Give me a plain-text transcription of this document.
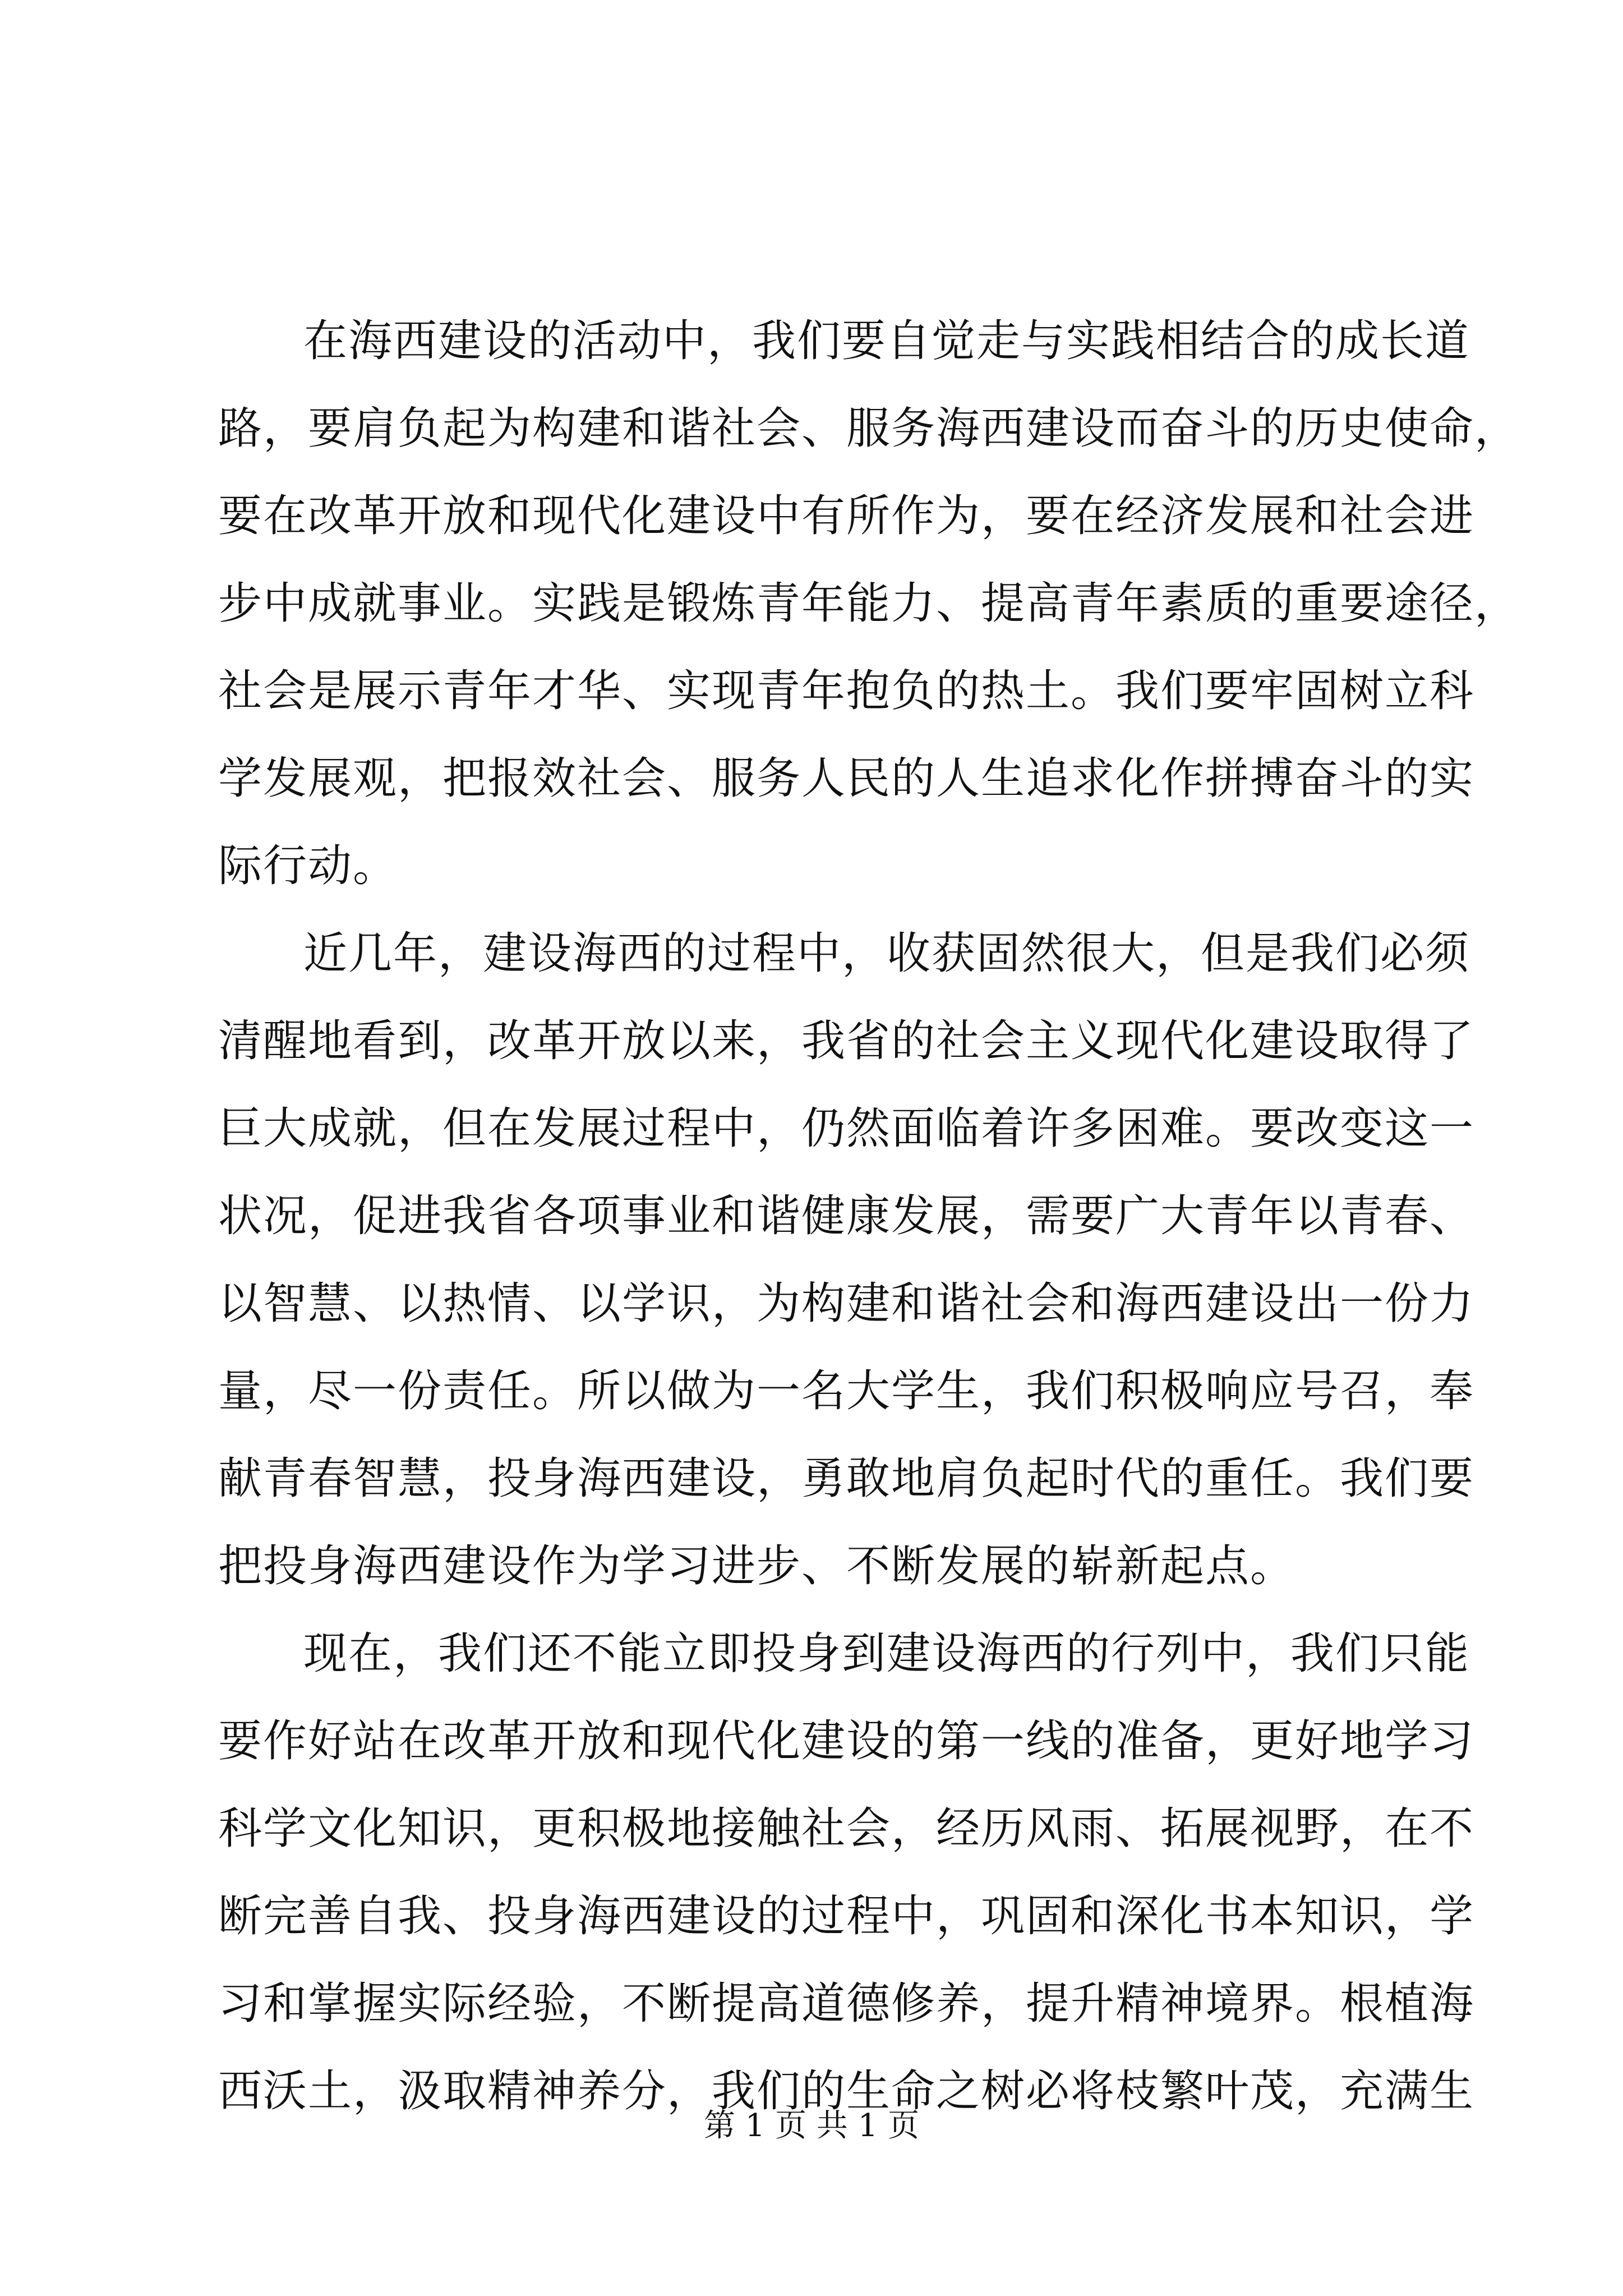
在海西建设的活动中，我们要自觉走与实践相结合的成长道
路，要肩负起为构建和谐社会、服务海西建设而奋斗的历史使命，
要在改革开放和现代化建设中有所作为，要在经济发展和社会进
步中成就事业。实践是锻炼青年能力、提高青年素质的重要途径，
社会是展示青年才华、实现青年抱负的热土。我们要牢固树立科
学发展观，把报效社会、服务人民的人生追求化作拼搏奋斗的实
际行动。
近几年，建设海西的过程中，收获固然很大，但是我们必须
清醒地看到，改革开放以来，我省的社会主义现代化建设取得了
巨大成就，但在发展过程中，仍然面临着许多困难。要改变这一
状况，促进我省各项事业和谐健康发展，需要广大青年以青春、
以智慧、以热情、以学识，为构建和谐社会和海西建设出一份力
量，尽一份责任。所以做为一名大学生，我们积极响应号召，奉
献青春智慧，投身海西建设，勇敢地肩负起时代的重任。我们要
把投身海西建设作为学习进步、不断发展的崭新起点。
现在，我们还不能立即投身到建设海西的行列中，我们只能
要作好站在改革开放和现代化建设的第一线的准备，更好地学习
科学文化知识，更积极地接触社会，经历风雨、拓展视野，在不
断完善自我、投身海西建设的过程中，巩固和深化书本知识，学
习和掌握实际经验，不断提高道德修养，提升精神境界。根植海
西沃土，汲取精神养分，我们的生命之树必将枝繁叶茂，充满生
第 1 页 共 1 页
